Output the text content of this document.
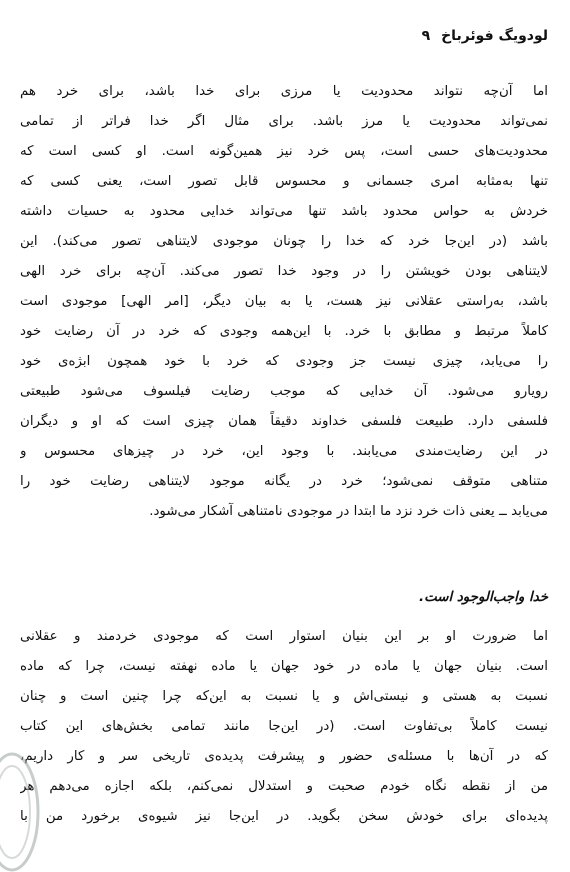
لودویگ فوئرباخ ۹
اما آن‌چه نتواند محدودیت یا مرزی برای خدا باشد، برای خرد هم
نمی‌تواند محدودیت یا مرز باشد. برای مثال اگر خدا فراتر از تمامی
محدودیت‌های حسی است، پس خرد نیز همین‌گونه است. او کسی است که
تنها به‌مثابه امری جسمانی و محسوس قابل تصور است، یعنی کسی که
خردش به حواس محدود باشد تنها می‌تواند خدایی محدود به حسیات داشته
باشد (در این‌جا خرد که خدا را چونان موجودی لایتناهی تصور می‌کند). این
لایتناهی بودن خویشتن را در وجود خدا تصور می‌کند. آن‌چه برای خرد الهی
باشد، به‌راستی عقلانی نیز هست، یا به بیان دیگر، [امر الهی] موجودی است
کاملاً مرتبط و مطابق با خرد. با این‌همه وجودی که خرد در آن رضایت خود
را می‌یابد، چیزی نیست جز وجودی که خرد با خود همچون ابژه‌ی خود
رویارو می‌شود. آن خدایی که موجب رضایت فیلسوف می‌شود طبیعتی
فلسفی دارد. طبیعت فلسفی خداوند دقیقاً همان چیزی است که او و دیگران
در این رضایت‌مندی می‌یابند. با وجود این، خرد در چیزهای محسوس و
متناهی متوقف نمی‌شود؛ خرد در یگانه موجود لایتناهی رضایت خود را
می‌یابد ــ یعنی ذات خرد نزد ما ابتدا در موجودی نامتناهی آشکار می‌شود.
خدا واجب‌الوجود است.
اما ضرورت او بر این بنیان استوار است که موجودی خردمند و عقلانی
است. بنیان جهان یا ماده در خود جهان یا ماده نهفته نیست، چرا که ماده
نسبت به هستی و نیستی‌اش و یا نسبت به این‌که چرا چنین است و چنان
نیست کاملاً بی‌تفاوت است. (در این‌جا مانند تمامی بخش‌های این کتاب
که در آن‌ها با مسئله‌ی حضور و پیشرفت پدیده‌ی تاریخی سر و کار داریم،
من از نقطه نگاه خودم صحبت و استدلال نمی‌کنم، بلکه اجازه می‌دهم هر
پدیده‌ای برای خودش سخن بگوید. در این‌جا نیز شیوه‌ی برخورد من با
